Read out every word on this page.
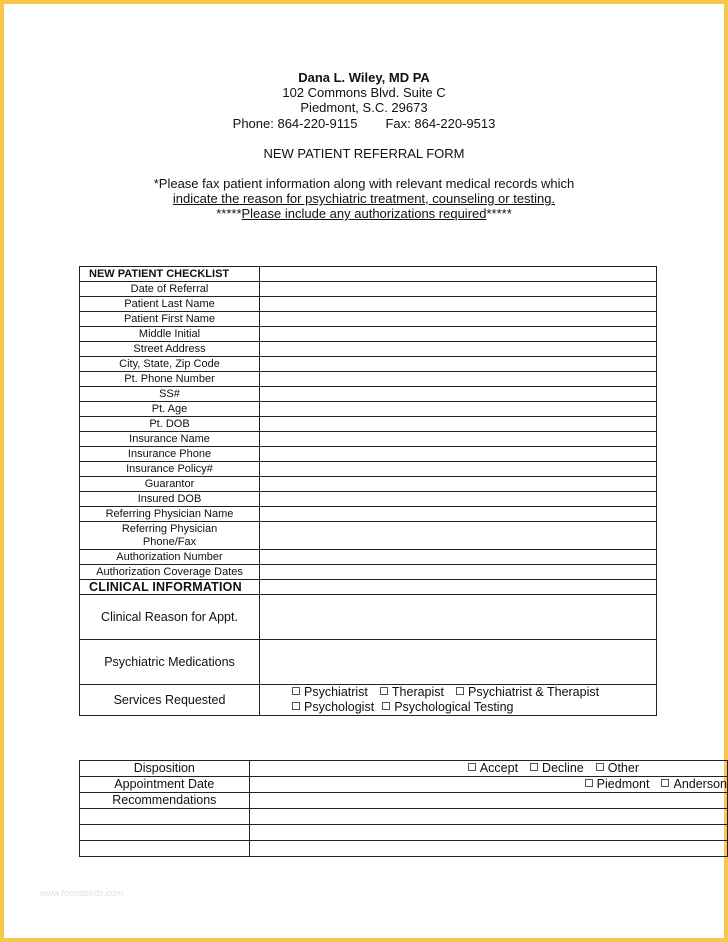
Dana L. Wiley, MD PA
102 Commons Blvd. Suite C
Piedmont, S.C. 29673
Phone: 864-220-9115 Fax: 864-220-9513
NEW PATIENT REFERRAL FORM
*Please fax patient information along with relevant medical records which
indicate the reason for psychiatric treatment, counseling or testing.
*****Please include any authorizations required*****
NEW PATIENT CHECKLIST	
Date of Referral	
Patient Last Name	
Patient First Name	
Middle Initial	
Street Address	
City, State, Zip Code	
Pt. Phone Number	
SS#	
Pt. Age	
Pt. DOB	
Insurance Name	
Insurance Phone	
Insurance Policy#	
Guarantor	
Insured DOB	
Referring Physician Name	
Referring Physician
Phone/Fax	
Authorization Number	
Authorization Coverage Dates	
CLINICAL INFORMATION	
Clinical Reason for Appt.	
Psychiatric Medications	
Services Requested	Psychiatrist Therapist Psychiatrist & Therapist
Psychologist Psychological Testing
Disposition	Accept Decline Other
Appointment Date	Piedmont Anderson
Recommendations	

www.formsbirds.com
